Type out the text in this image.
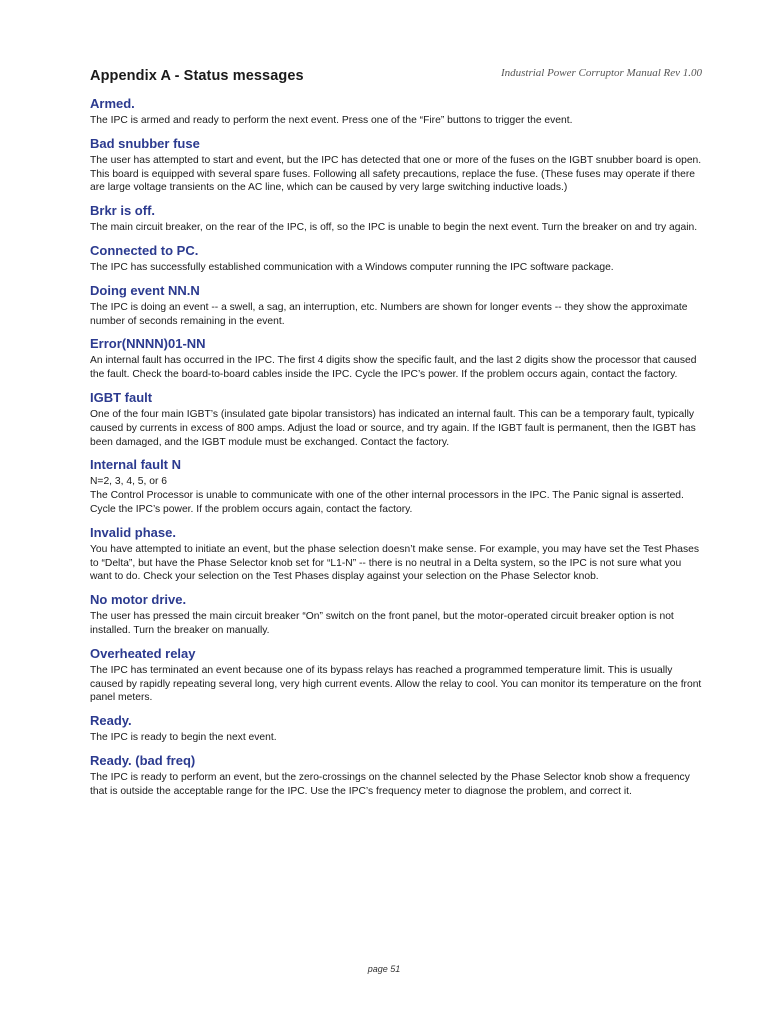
Appendix A - Status messages	Industrial Power Corruptor Manual Rev 1.00

Armed.

The IPC is armed and ready to perform the next event. Press one of the “Fire” buttons to trigger the event.

Bad snubber fuse

The user has attempted to start and event, but the IPC has detected that one or more of the fuses on the IGBT snubber board is open. This board is equipped with several spare fuses. Following all safety precautions, replace the fuse. (These fuses may operate if there are large voltage transients on the AC line, which can be caused by very large switching inductive loads.)

Brkr is off.

The main circuit breaker, on the rear of the IPC, is off, so the IPC is unable to begin the next event. Turn the breaker on and try again.

Connected to PC.

The IPC has successfully established communication with a Windows computer running the IPC software package.

Doing event NN.N

The IPC is doing an event -- a swell, a sag, an interruption, etc. Numbers are shown for longer events -- they show the approximate number of seconds remaining in the event.

Error(NNNN)01-NN

An internal fault has occurred in the IPC. The first 4 digits show the specific fault, and the last 2 digits show the processor that caused the fault. Check the board-to-board cables inside the IPC. Cycle the IPC’s power. If the problem occurs again, contact the factory.

IGBT fault

One of the four main IGBT’s (insulated gate bipolar transistors) has indicated an internal fault. This can be a temporary fault, typically caused by currents in excess of 800 amps. Adjust the load or source, and try again. If the IGBT fault is permanent, then the IGBT has been damaged, and the IGBT module must be exchanged. Contact the factory.

Internal fault N

N=2, 3, 4, 5, or 6

The Control Processor is unable to communicate with one of the other internal processors in the IPC. The Panic signal is asserted. Cycle the IPC’s power. If the problem occurs again, contact the factory.

Invalid phase.

You have attempted to initiate an event, but the phase selection doesn’t make sense. For example, you may have set the Test Phases to “Delta”, but have the Phase Selector knob set for “L1-N” -- there is no neutral in a Delta system, so the IPC is not sure what you want to do. Check your selection on the Test Phases display against your selection on the Phase Selector knob.

No motor drive.

The user has pressed the main circuit breaker “On” switch on the front panel, but the motor-operated circuit breaker option is not installed. Turn the breaker on manually.

Overheated relay

The IPC has terminated an event because one of its bypass relays has reached a programmed temperature limit. This is usually caused by rapidly repeating several long, very high current events. Allow the relay to cool. You can monitor its temperature on the front panel meters.

Ready.

The IPC is ready to begin the next event.

Ready. (bad freq)

The IPC is ready to perform an event, but the zero-crossings on the channel selected by the Phase Selector knob show a frequency that is outside the acceptable range for the IPC. Use the IPC’s frequency meter to diagnose the problem, and correct it.

page 51
